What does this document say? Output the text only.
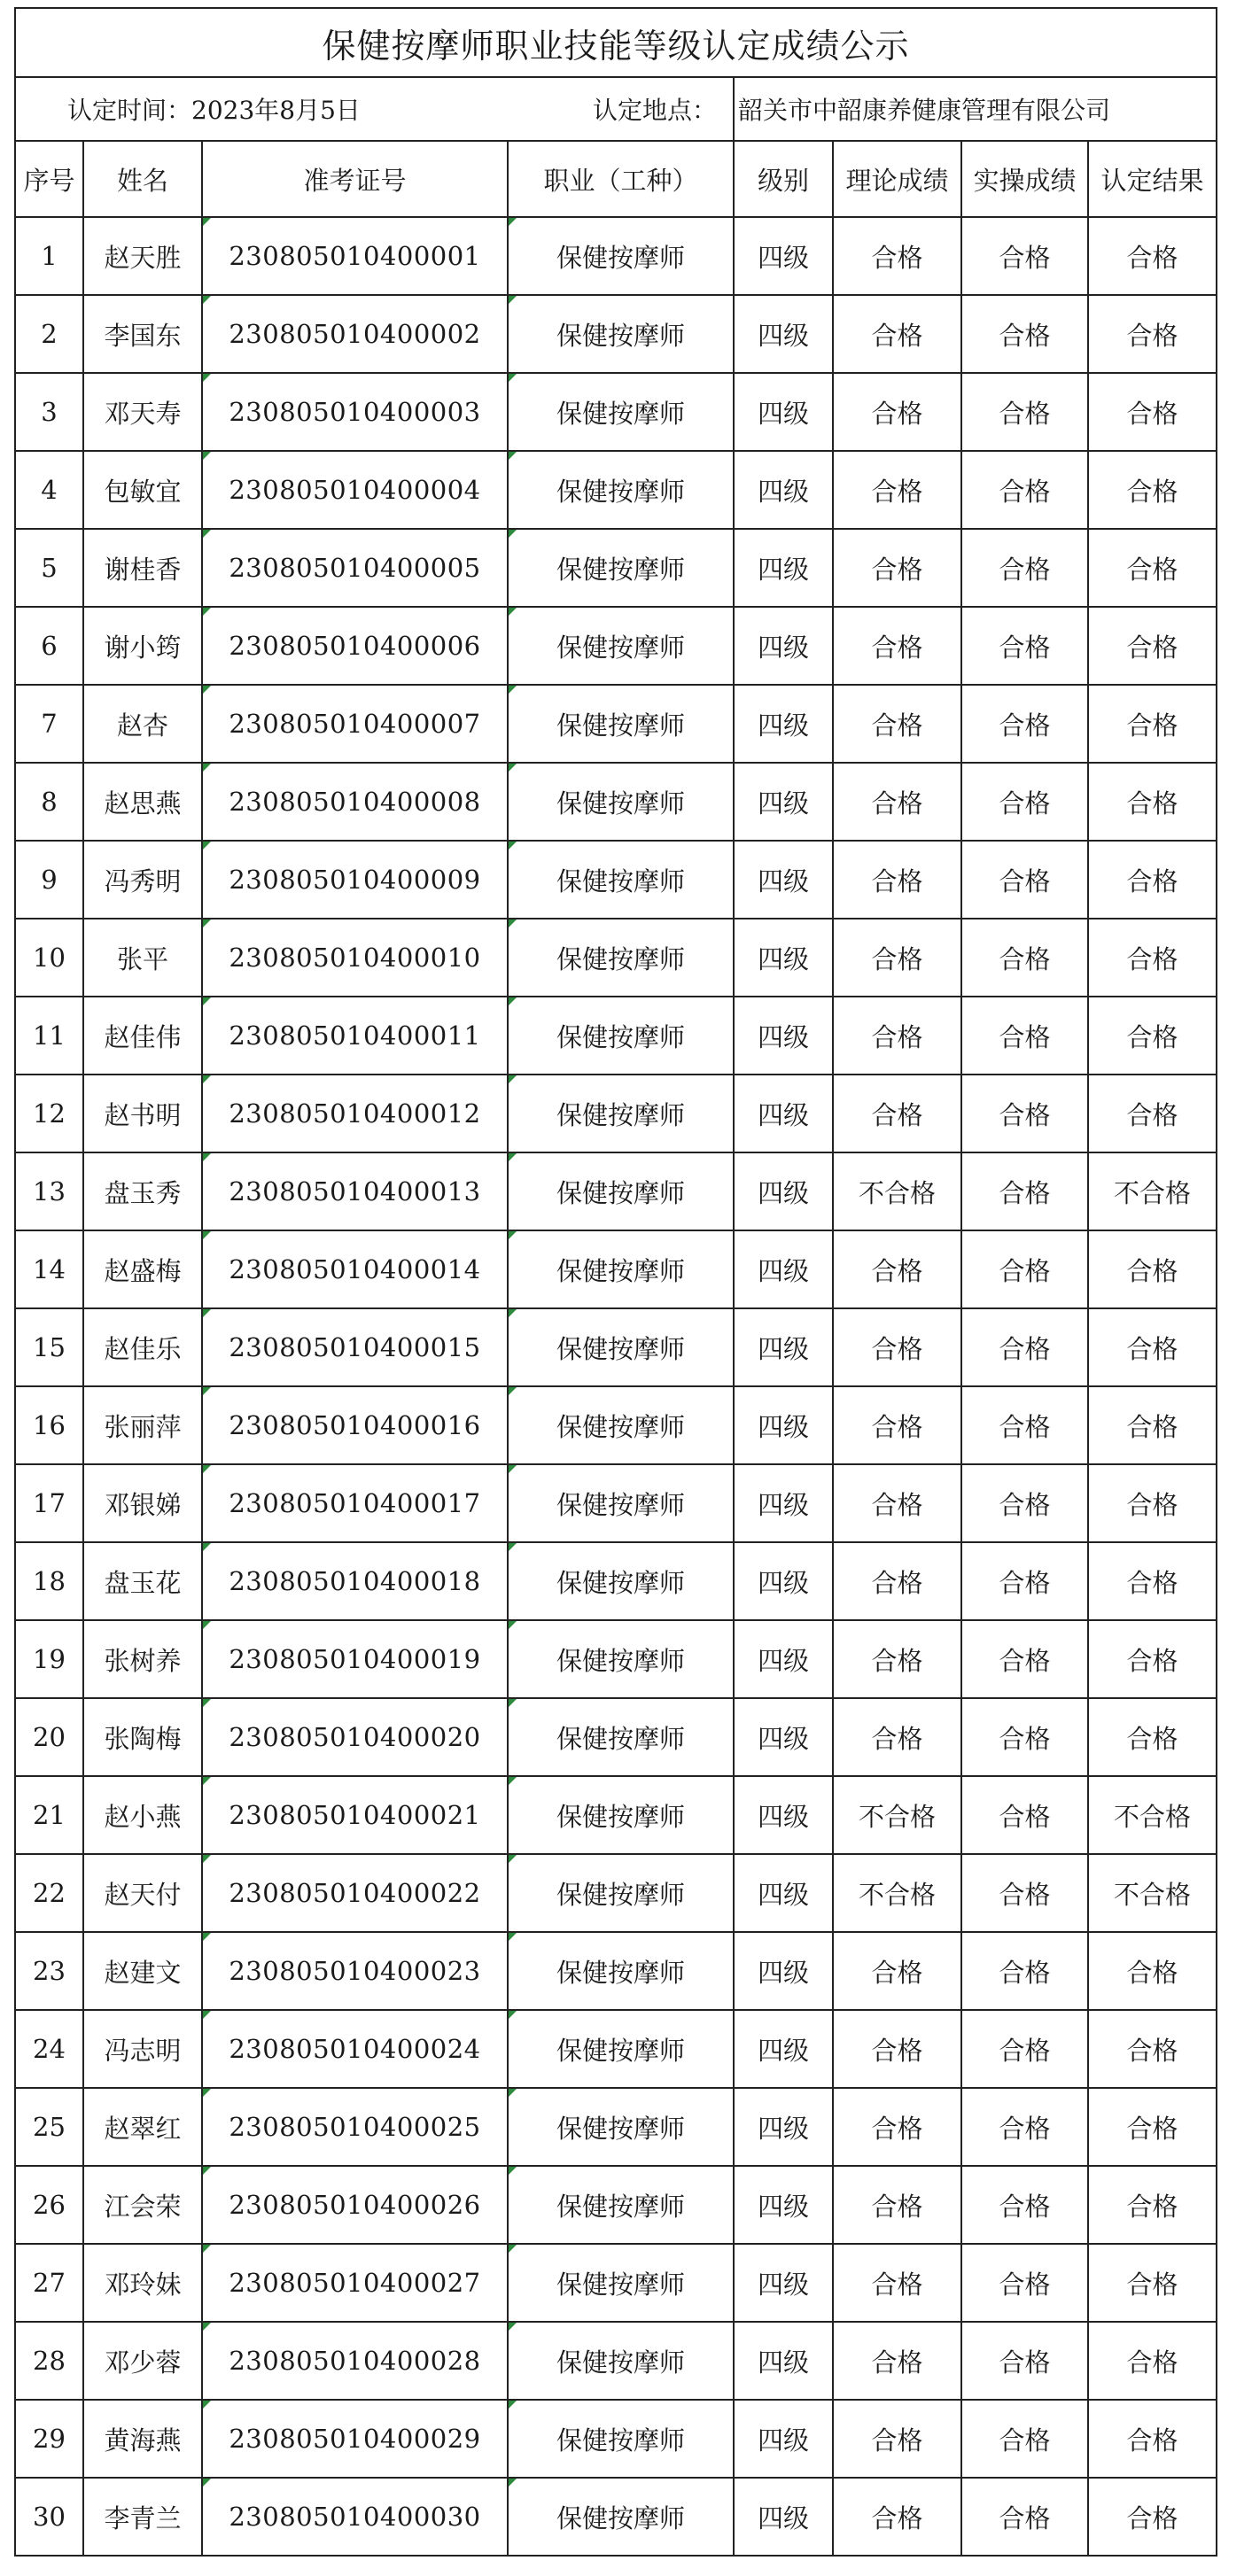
保健按摩师职业技能等级认定成绩公示							
认定时间：2023年8月5日				认定地点： 韶关市中韶康养健康管理有限公司			
序号	姓名	准考证号	职业（工种）	级别	理论成绩	实操成绩	认定结果
1	赵天胜	230805010400001	保健按摩师	四级	合格	合格	合格
2	李国东	230805010400002	保健按摩师	四级	合格	合格	合格
3	邓天寿	230805010400003	保健按摩师	四级	合格	合格	合格
4	包敏宜	230805010400004	保健按摩师	四级	合格	合格	合格
5	谢桂香	230805010400005	保健按摩师	四级	合格	合格	合格
6	谢小筠	230805010400006	保健按摩师	四级	合格	合格	合格
7	赵杏	230805010400007	保健按摩师	四级	合格	合格	合格
8	赵思燕	230805010400008	保健按摩师	四级	合格	合格	合格
9	冯秀明	230805010400009	保健按摩师	四级	合格	合格	合格
10	张平	230805010400010	保健按摩师	四级	合格	合格	合格
11	赵佳伟	230805010400011	保健按摩师	四级	合格	合格	合格
12	赵书明	230805010400012	保健按摩师	四级	合格	合格	合格
13	盘玉秀	230805010400013	保健按摩师	四级	不合格	合格	不合格
14	赵盛梅	230805010400014	保健按摩师	四级	合格	合格	合格
15	赵佳乐	230805010400015	保健按摩师	四级	合格	合格	合格
16	张丽萍	230805010400016	保健按摩师	四级	合格	合格	合格
17	邓银娣	230805010400017	保健按摩师	四级	合格	合格	合格
18	盘玉花	230805010400018	保健按摩师	四级	合格	合格	合格
19	张树养	230805010400019	保健按摩师	四级	合格	合格	合格
20	张陶梅	230805010400020	保健按摩师	四级	合格	合格	合格
21	赵小燕	230805010400021	保健按摩师	四级	不合格	合格	不合格
22	赵天付	230805010400022	保健按摩师	四级	不合格	合格	不合格
23	赵建文	230805010400023	保健按摩师	四级	合格	合格	合格
24	冯志明	230805010400024	保健按摩师	四级	合格	合格	合格
25	赵翠红	230805010400025	保健按摩师	四级	合格	合格	合格
26	江会荣	230805010400026	保健按摩师	四级	合格	合格	合格
27	邓玲妹	230805010400027	保健按摩师	四级	合格	合格	合格
28	邓少蓉	230805010400028	保健按摩师	四级	合格	合格	合格
29	黄海燕	230805010400029	保健按摩师	四级	合格	合格	合格
30	李青兰	230805010400030	保健按摩师	四级	合格	合格	合格
